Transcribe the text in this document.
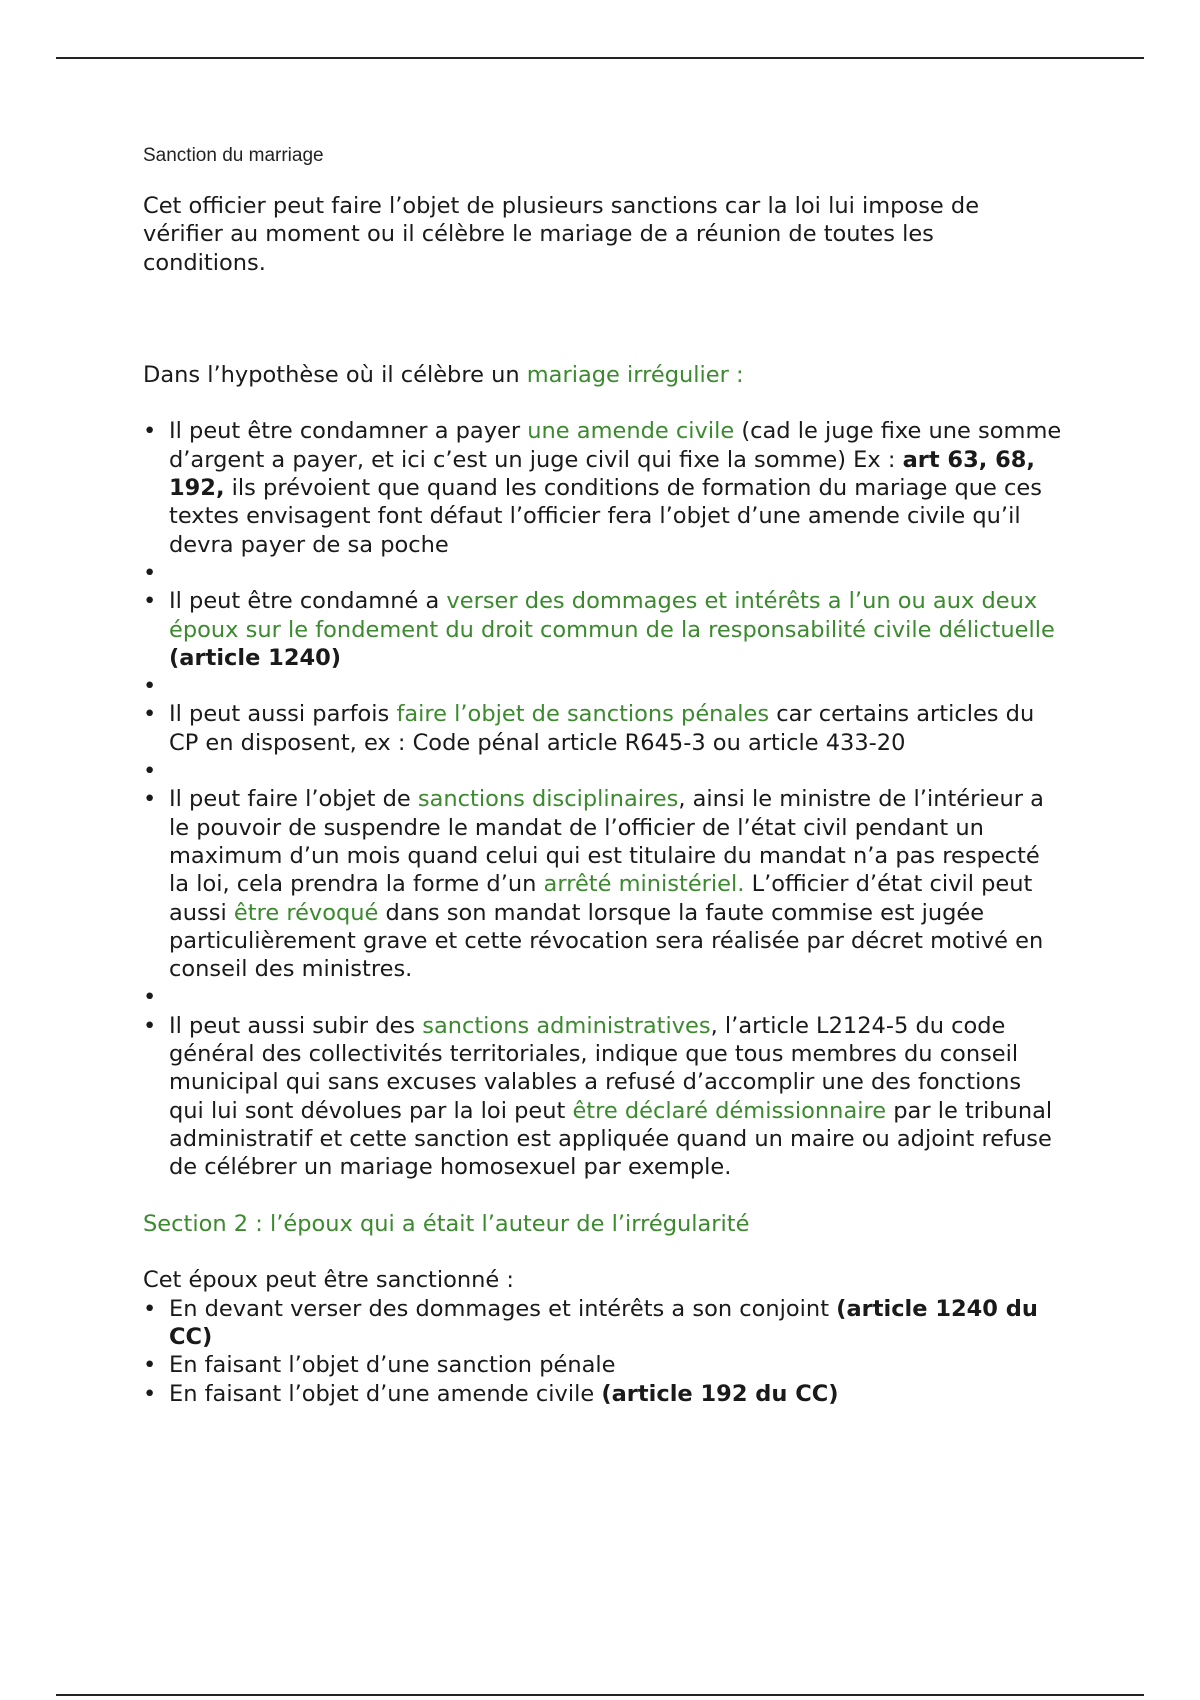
Sanction du marriage

Cet officier peut faire l’objet de plusieurs sanctions car la loi lui impose de vérifier au moment ou il célèbre le mariage de a réunion de toutes les conditions.

Dans l’hypothèse où il célèbre un mariage irrégulier :

• Il peut être condamner a payer une amende civile (cad le juge fixe une somme d’argent a payer, et ici c’est un juge civil qui fixe la somme) Ex : art 63, 68, 192, ils prévoient que quand les conditions de formation du mariage que ces textes envisagent font défaut l’officier fera l’objet d’une amende civile qu’il devra payer de sa poche
•
• Il peut être condamné a verser des dommages et intérêts a l’un ou aux deux époux sur le fondement du droit commun de la responsabilité civile délictuelle (article 1240)
•
• Il peut aussi parfois faire l’objet de sanctions pénales car certains articles du CP en disposent, ex : Code pénal article R645-3 ou article 433-20
•
• Il peut faire l’objet de sanctions disciplinaires, ainsi le ministre de l’intérieur a le pouvoir de suspendre le mandat de l’officier de l’état civil pendant un maximum d’un mois quand celui qui est titulaire du mandat n’a pas respecté la loi, cela prendra la forme d’un arrêté ministériel. L’officier d’état civil peut aussi être révoqué dans son mandat lorsque la faute commise est jugée particulièrement grave et cette révocation sera réalisée par décret motivé en conseil des ministres.
•
• Il peut aussi subir des sanctions administratives, l’article L2124-5 du code général des collectivités territoriales, indique que tous membres du conseil municipal qui sans excuses valables a refusé d’accomplir une des fonctions qui lui sont dévolues par la loi peut être déclaré démissionnaire par le tribunal administratif et cette sanction est appliquée quand un maire ou adjoint refuse de célébrer un mariage homosexuel par exemple.

Section 2 : l’époux qui a était l’auteur de l’irrégularité

Cet époux peut être sanctionné :

• En devant verser des dommages et intérêts a son conjoint (article 1240 du CC)
• En faisant l’objet d’une sanction pénale
• En faisant l’objet d’une amende civile (article 192 du CC)
